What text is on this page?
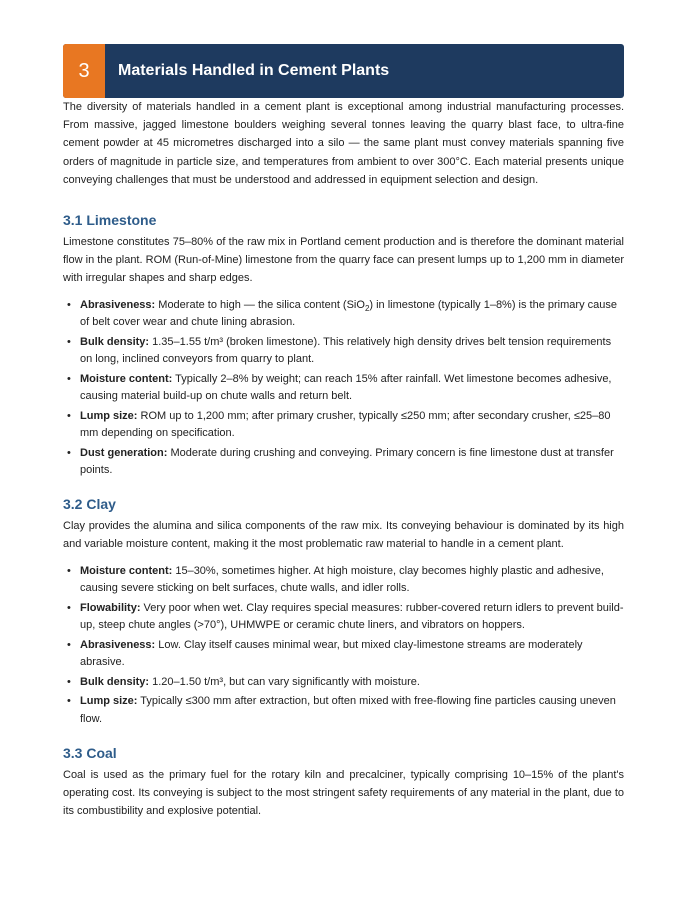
3	Materials Handled in Cement Plants

The diversity of materials handled in a cement plant is exceptional among industrial manufacturing processes. From massive, jagged limestone boulders weighing several tonnes leaving the quarry blast face, to ultra-fine cement powder at 45 micrometres discharged into a silo — the same plant must convey materials spanning five orders of magnitude in particle size, and temperatures from ambient to over 300°C. Each material presents unique conveying challenges that must be understood and addressed in equipment selection and design.

3.1 Limestone

Limestone constitutes 75–80% of the raw mix in Portland cement production and is therefore the dominant material flow in the plant. ROM (Run-of-Mine) limestone from the quarry face can present lumps up to 1,200 mm in diameter with irregular shapes and sharp edges.

• Abrasiveness: Moderate to high — the silica content (SiO$_2$) in limestone (typically 1–8%) is the primary cause of belt cover wear and chute lining abrasion.
• Bulk density: 1.35–1.55 t/m³ (broken limestone). This relatively high density drives belt tension requirements on long, inclined conveyors from quarry to plant.
• Moisture content: Typically 2–8% by weight; can reach 15% after rainfall. Wet limestone becomes adhesive, causing material build-up on chute walls and return belt.
• Lump size: ROM up to 1,200 mm; after primary crusher, typically ≤250 mm; after secondary crusher, ≤25–80 mm depending on specification.
• Dust generation: Moderate during crushing and conveying. Primary concern is fine limestone dust at transfer points.
3.2 Clay

Clay provides the alumina and silica components of the raw mix. Its conveying behaviour is dominated by its high and variable moisture content, making it the most problematic raw material to handle in a cement plant.

• Moisture content: 15–30%, sometimes higher. At high moisture, clay becomes highly plastic and adhesive, causing severe sticking on belt surfaces, chute walls, and idler rolls.
• Flowability: Very poor when wet. Clay requires special measures: rubber-covered return idlers to prevent build-up, steep chute angles (>70°), UHMWPE or ceramic chute liners, and vibrators on hoppers.
• Abrasiveness: Low. Clay itself causes minimal wear, but mixed clay-limestone streams are moderately abrasive.
• Bulk density: 1.20–1.50 t/m³, but can vary significantly with moisture.
• Lump size: Typically ≤300 mm after extraction, but often mixed with free-flowing fine particles causing uneven flow.
3.3 Coal

Coal is used as the primary fuel for the rotary kiln and precalciner, typically comprising 10–15% of the plant's operating cost. Its conveying is subject to the most stringent safety requirements of any material in the plant, due to its combustibility and explosive potential.
